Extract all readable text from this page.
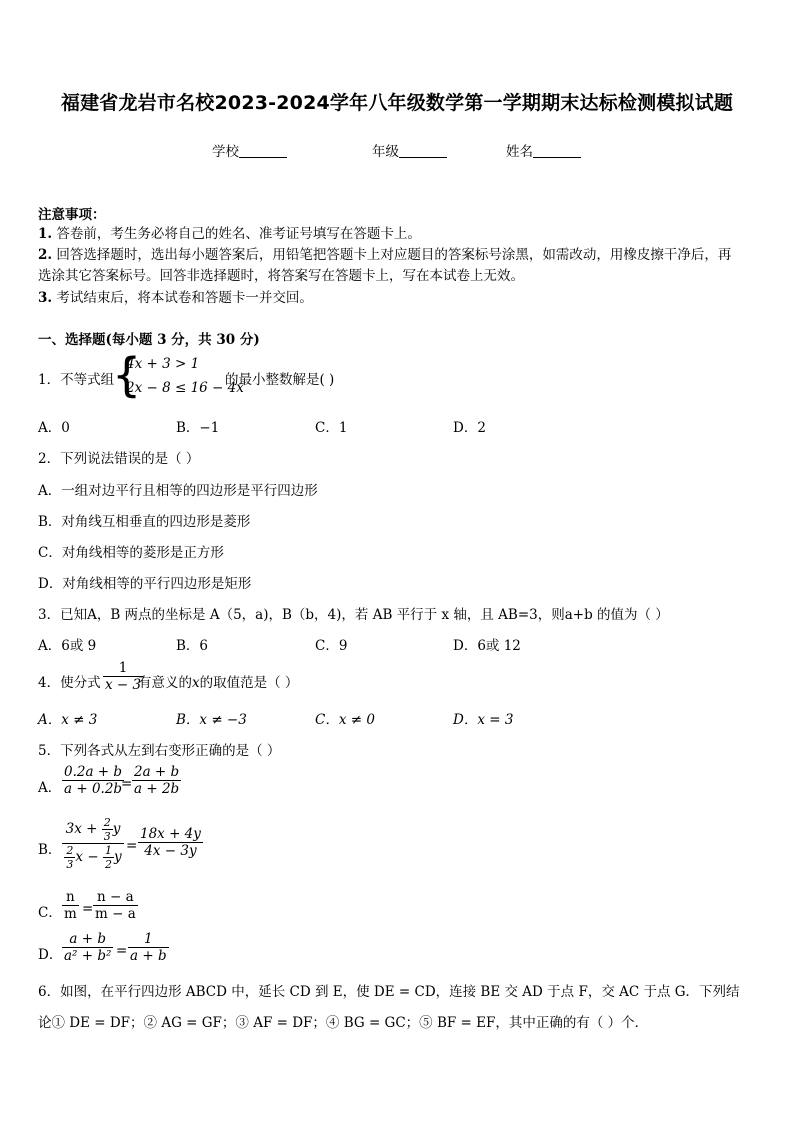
福建省龙岩市名校2023-2024学年八年级数学第一学期期末达标检测模拟试题
学校	年级	姓名
注意事项：
1. 答卷前，考生务必将自己的姓名、准考证号填写在答题卡上。
2. 回答选择题时，选出每小题答案后，用铅笔把答题卡上对应题目的答案标号涂黑，如需改动，用橡皮擦干净后，再
选涂其它答案标号。回答非选择题时，将答案写在答题卡上，写在本试卷上无效。
3. 考试结束后，将本试卷和答题卡一并交回。
一、选择题(每小题 3 分，共 30 分)
1．不等式组
{
4x + 3 > 1
2x − 8 ≤ 16 − 4x
的最小整数解是( )
A．0	B．−1	C．1	D．2
2．下列说法错误的是（ ）
A．一组对边平行且相等的四边形是平行四边形
B．对角线互相垂直的四边形是菱形
C．对角线相等的菱形是正方形
D．对角线相等的平行四边形是矩形
3．已知A，B 两点的坐标是 A（5，a)，B（b，4)，若 AB 平行于 x 轴，且 AB=3，则a+b 的值为（ ）
A．6或 9	B．6	C．9	D．6或 12
4．使分式 $\frac{1}{x - 3}$
有意义的x的取值范是（ ）
A．x ≠ 3	B．x ≠ −3	C．x ≠ 0	D．x = 3
5．下列各式从左到右变形正确的是（ ）
A． $\frac{0.2a + b}{a + 0.2b}$
= $\frac{2a + b}{a + 2b}$
B． $\frac{3x + \frac{2}{3} y}{\frac{2}{3} x - \frac{1}{2} y} = \frac{18x + 4y}{4x - 3y}$
C． $\frac{n}{m} = \frac{n - a}{m - a}$
D． $\frac{a + b}{\text{a² + b²}} = \frac{1}{a + b}$
6．如图，在平行四边形 ABCD 中，延长 CD 到 E，使 DE = CD，连接 BE 交 AD 于点 F，交 AC 于点 G．下列结
论① DE = DF；② AG = GF；③ AF = DF；④ BG = GC；⑤ BF = EF，其中正确的有（ ）个．
